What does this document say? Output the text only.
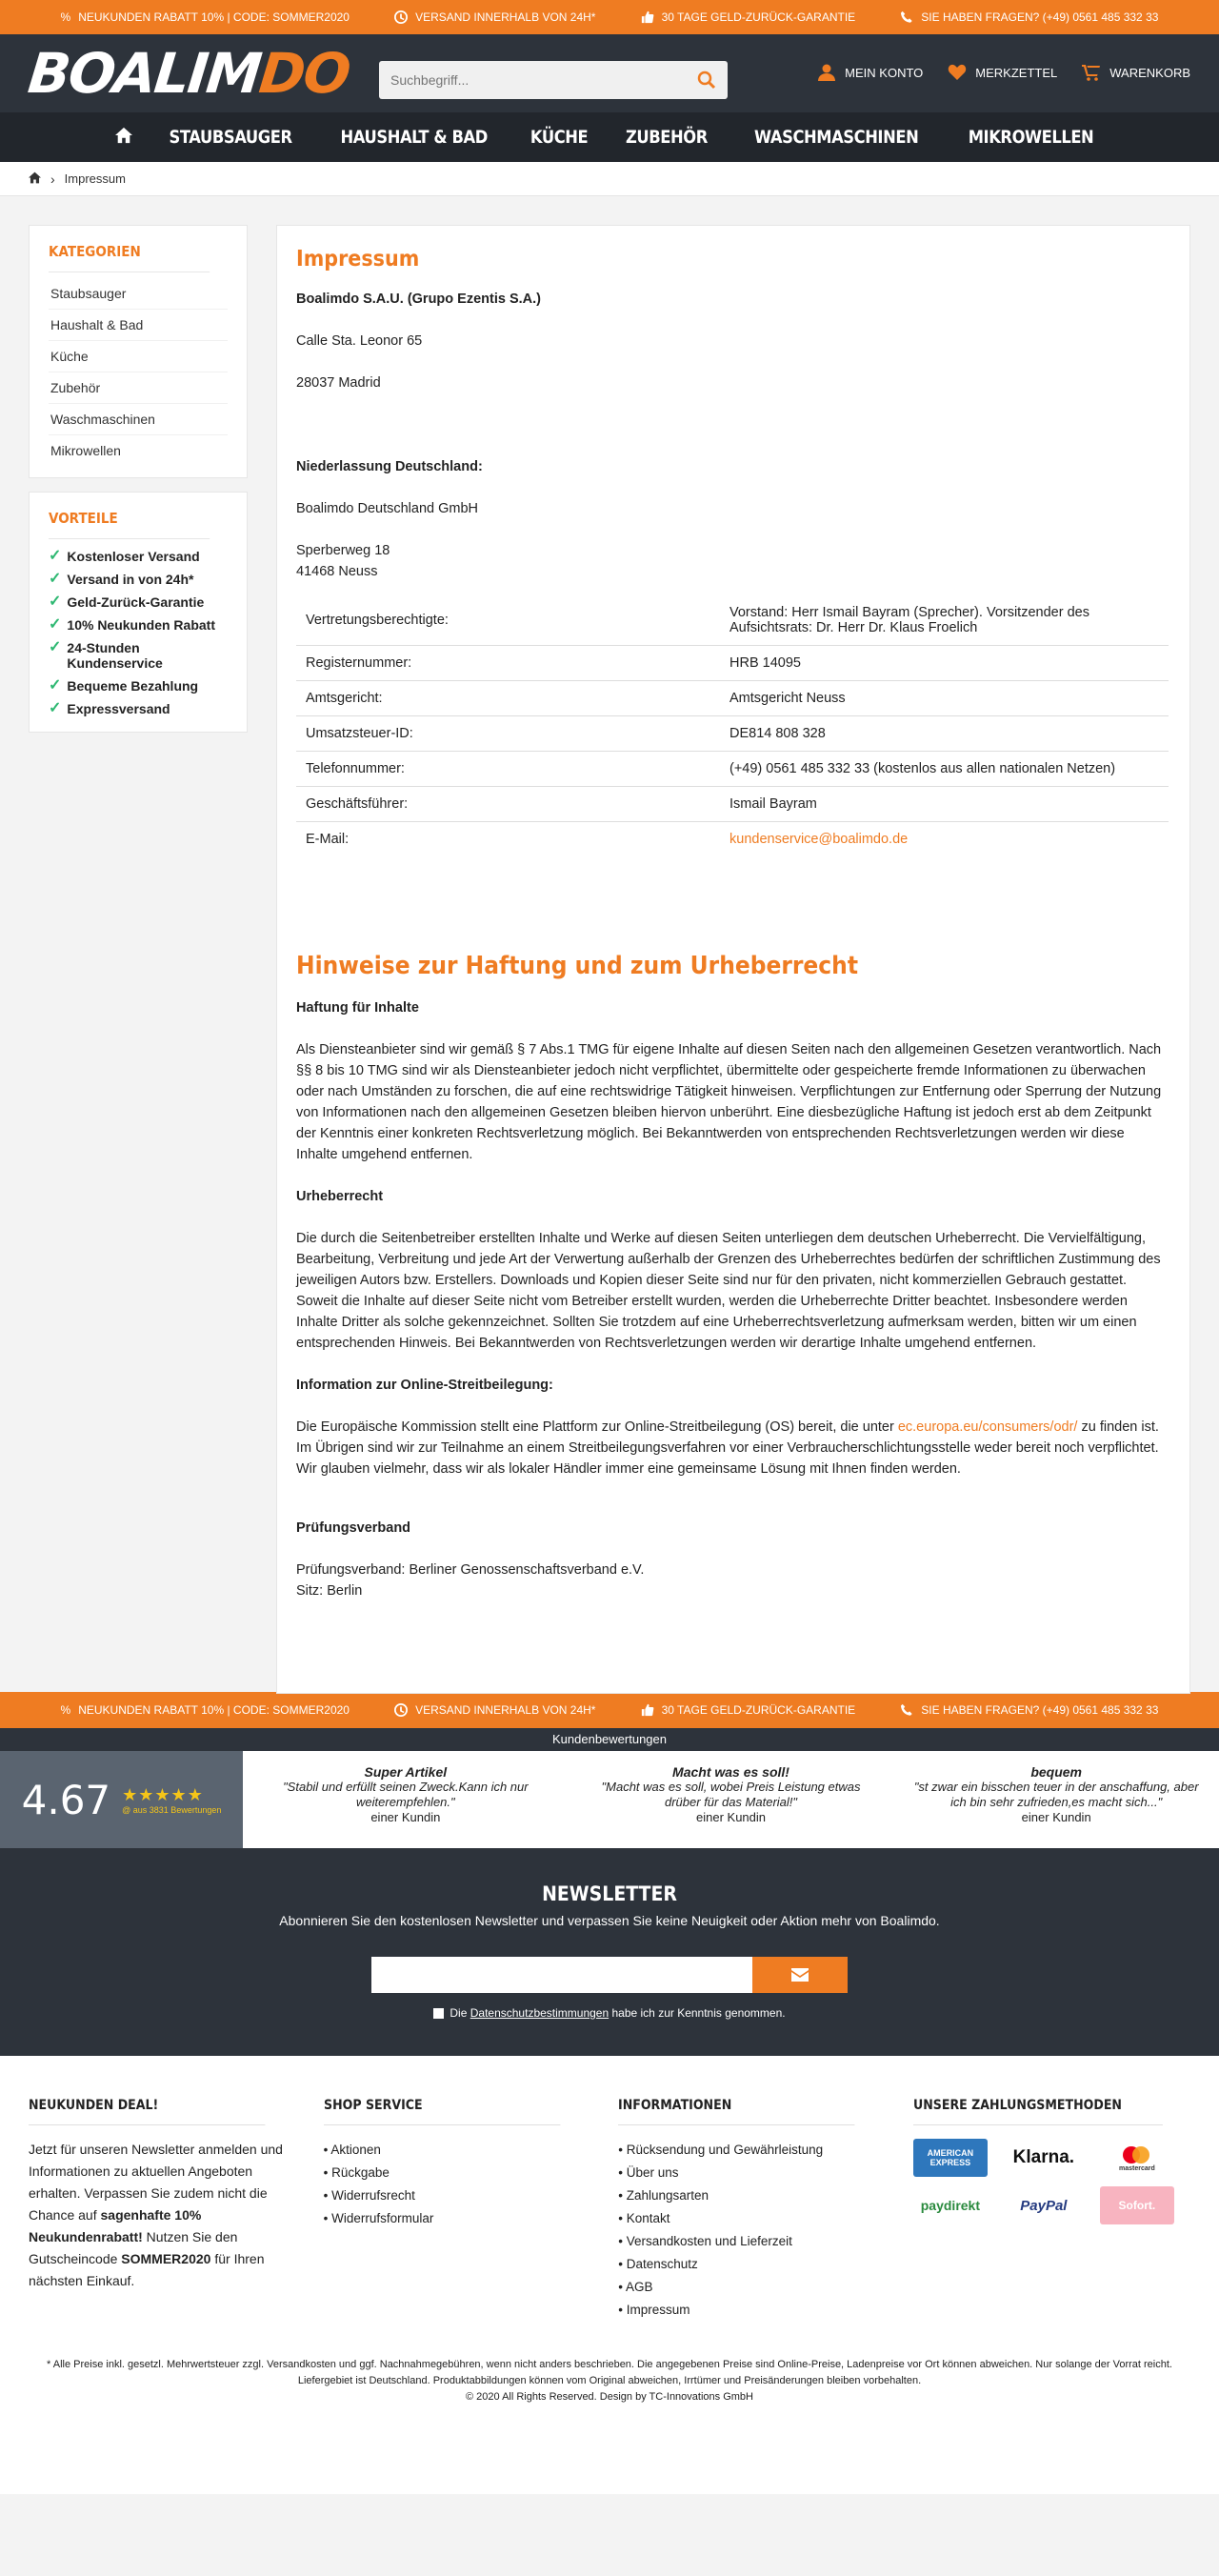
% NEUKUNDEN RABATT 10% | CODE: SOMMER2020	VERSAND INNERHALB VON 24H*	30 TAGE GELD-ZURÜCK-GARANTIE	SIE HABEN FRAGEN? (+49) 0561 485 332 33
BOALIMDO
Suchbegriff...	MEIN KONTO	MERKZETTEL	WARENKORB
STAUBSAUGER	HAUSHALT & BAD KÜCHE ZUBEHÖR	WASCHMASCHINEN	MIKROWELLEN
› Impressum
KATEGORIEN
Staubsauger
Haushalt & Bad
Küche
Zubehör
Waschmaschinen
Mikrowellen
VORTEILE
✓ Kostenloser Versand
✓ Versand in von 24h*
✓ Geld-Zurück-Garantie
✓ 10% Neukunden Rabatt
✓ 24-Stunden Kundenservice
✓ Bequeme Bezahlung
✓ Expressversand
Impressum

Boalimdo S.A.U. (Grupo Ezentis S.A.)

Calle Sta. Leonor 65

28037 Madrid

Niederlassung Deutschland:

Boalimdo Deutschland GmbH

Sperberweg 18
41468 Neuss

Vertretungsberechtigte:	Vorstand: Herr Ismail Bayram (Sprecher). Vorsitzender des Aufsichtsrats: Dr. Herr Dr. Klaus Froelich
Registernummer:	HRB 14095
Amtsgericht:	Amtsgericht Neuss
Umsatzsteuer-ID:	DE814 808 328
Telefonnummer:	(+49) 0561 485 332 33 (kostenlos aus allen nationalen Netzen)
Geschäftsführer:	Ismail Bayram
E-Mail:	kundenservice@boalimdo.de
Hinweise zur Haftung und zum Urheberrecht

Haftung für Inhalte

Als Diensteanbieter sind wir gemäß § 7 Abs.1 TMG für eigene Inhalte auf diesen Seiten nach den allgemeinen Gesetzen verantwortlich. Nach §§ 8 bis 10 TMG sind wir als Diensteanbieter jedoch nicht verpflichtet, übermittelte oder gespeicherte fremde Informationen zu überwachen oder nach Umständen zu forschen, die auf eine rechtswidrige Tätigkeit hinweisen. Verpflichtungen zur Entfernung oder Sperrung der Nutzung von Informationen nach den allgemeinen Gesetzen bleiben hiervon unberührt. Eine diesbezügliche Haftung ist jedoch erst ab dem Zeitpunkt der Kenntnis einer konkreten Rechtsverletzung möglich. Bei Bekanntwerden von entsprechenden Rechtsverletzungen werden wir diese Inhalte umgehend entfernen.

Urheberrecht

Die durch die Seitenbetreiber erstellten Inhalte und Werke auf diesen Seiten unterliegen dem deutschen Urheberrecht. Die Vervielfältigung, Bearbeitung, Verbreitung und jede Art der Verwertung außerhalb der Grenzen des Urheberrechtes bedürfen der schriftlichen Zustimmung des jeweiligen Autors bzw. Erstellers. Downloads und Kopien dieser Seite sind nur für den privaten, nicht kommerziellen Gebrauch gestattet. Soweit die Inhalte auf dieser Seite nicht vom Betreiber erstellt wurden, werden die Urheberrechte Dritter beachtet. Insbesondere werden Inhalte Dritter als solche gekennzeichnet. Sollten Sie trotzdem auf eine Urheberrechtsverletzung aufmerksam werden, bitten wir um einen entsprechenden Hinweis. Bei Bekanntwerden von Rechtsverletzungen werden wir derartige Inhalte umgehend entfernen.

Information zur Online-Streitbeilegung:

Die Europäische Kommission stellt eine Plattform zur Online-Streitbeilegung (OS) bereit, die unter ec.europa.eu/consumers/odr/ zu finden ist. Im Übrigen sind wir zur Teilnahme an einem Streitbeilegungsverfahren vor einer Verbraucherschlichtungsstelle weder bereit noch verpflichtet. Wir glauben vielmehr, dass wir als lokaler Händler immer eine gemeinsame Lösung mit Ihnen finden werden.

Prüfungsverband

Prüfungsverband: Berliner Genossenschaftsverband e.V.
Sitz: Berlin

% NEUKUNDEN RABATT 10% | CODE: SOMMER2020	VERSAND INNERHALB VON 24H*	30 TAGE GELD-ZURÜCK-GARANTIE	SIE HABEN FRAGEN? (+49) 0561 485 332 33
Kundenbewertungen
4.67 ★★★★★
@ aus 3831 Bewertungen
Super Artikel
"Stabil und erfüllt seinen Zweck.Kann ich nur weiterempfehlen."
einer Kundin
Macht was es soll!
"Macht was es soll, wobei Preis Leistung etwas drüber für das Material!"
einer Kundin
bequem
"st zwar ein bisschen teuer in der anschaffung, aber ich bin sehr zufrieden,es macht sich..."
einer Kundin
NEWSLETTER
Abonnieren Sie den kostenlosen Newsletter und verpassen Sie keine Neuigkeit oder Aktion mehr von Boalimdo.
Die Datenschutzbestimmungen habe ich zur Kenntnis genommen.
NEUKUNDEN DEAL!

Jetzt für unseren Newsletter anmelden und Informationen zu aktuellen Angeboten erhalten. Verpassen Sie zudem nicht die Chance auf sagenhafte 10% Neukundenrabatt! Nutzen Sie den Gutscheincode SOMMER2020 für Ihren nächsten Einkauf.

SHOP SERVICE
• Aktionen
• Rückgabe
• Widerrufsrecht
• Widerrufsformular
INFORMATIONEN
• Rücksendung und Gewährleistung
• Über uns
• Zahlungsarten
• Kontakt
• Versandkosten und Lieferzeit
• Datenschutz
• AGB
• Impressum
UNSERE ZAHLUNGSMETHODEN
AMERICAN EXPRESS	Klarna.
mastercard
paydirekt	PayPal	Sofort.
* Alle Preise inkl. gesetzl. Mehrwertsteuer zzgl. Versandkosten und ggf. Nachnahmegebühren, wenn nicht anders beschrieben. Die angegebenen Preise sind Online-Preise, Ladenpreise vor Ort können abweichen. Nur solange der Vorrat reicht. Liefergebiet ist Deutschland. Produktabbildungen können vom Original abweichen, Irrtümer und Preisänderungen bleiben vorbehalten.
© 2020 All Rights Reserved. Design by TC-Innovations GmbH
